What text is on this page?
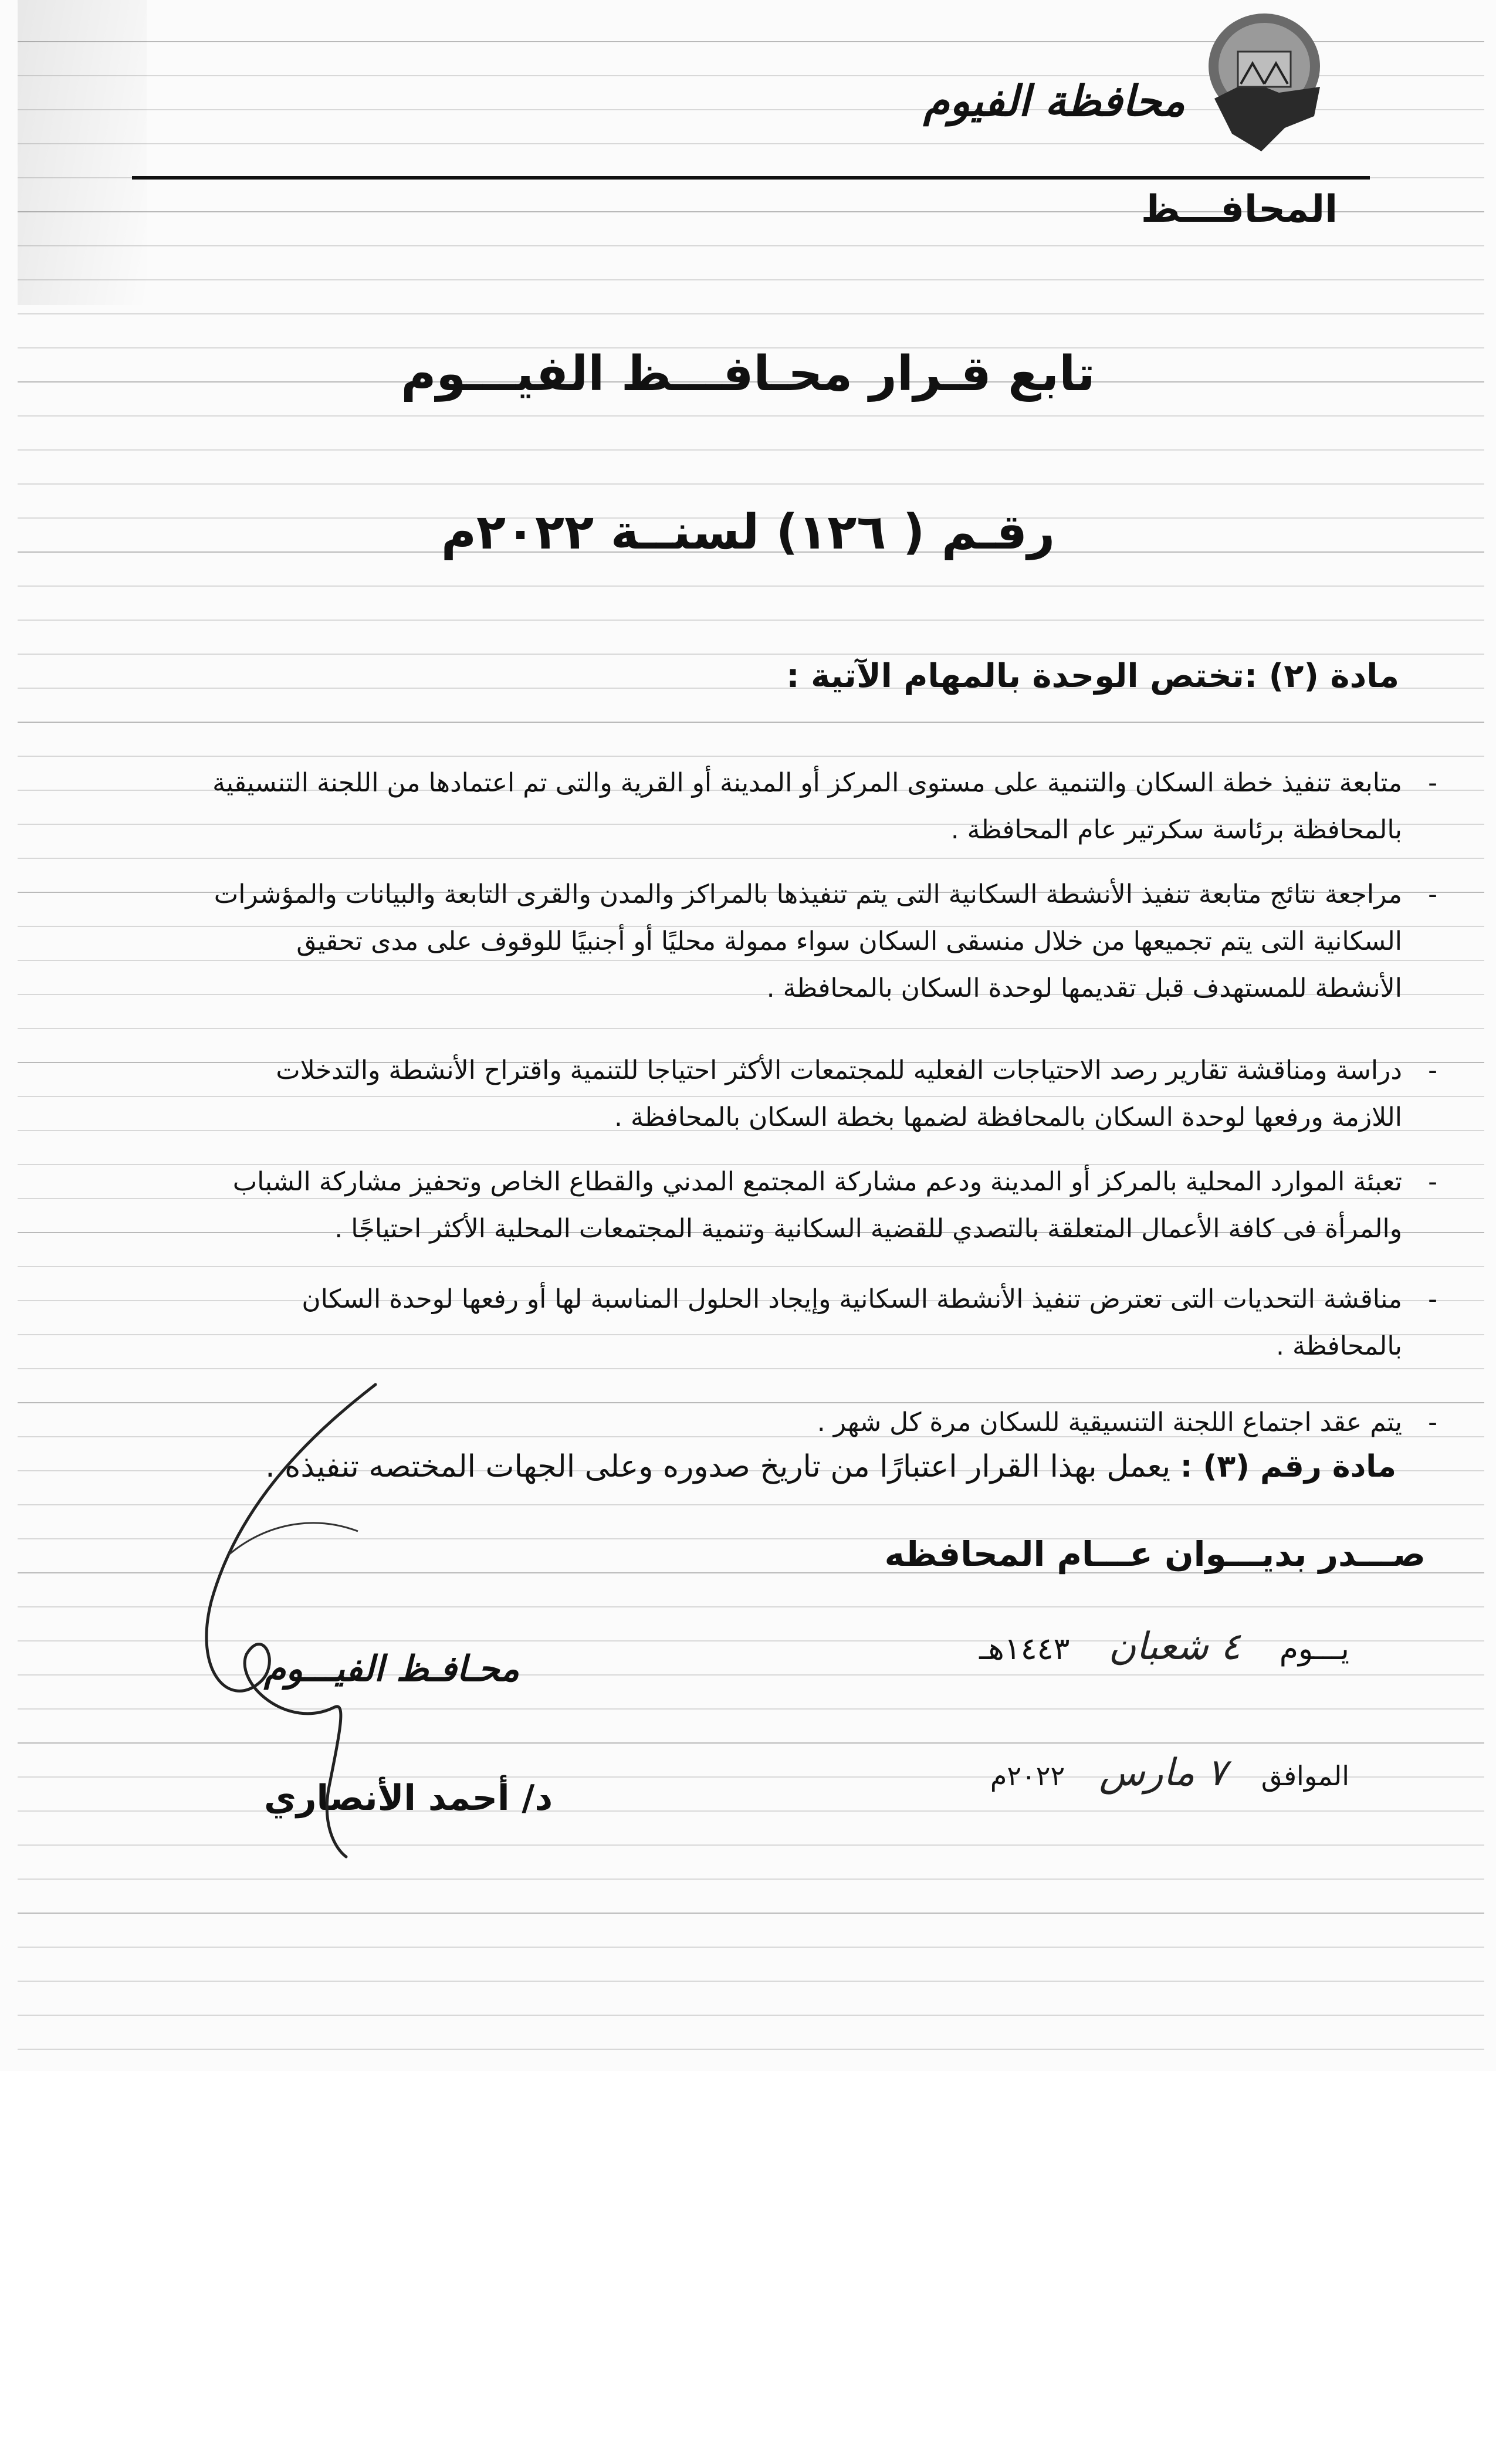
محافظة الفيوم
المحافـــظ
تابع قـرار محـافـــظ الفيـــوم
رقـم ( ١٢٦) لسنــة ٢٠٢٢م
مادة (٢) :تختص الوحدة بالمهام الآتية :
-

متابعة تنفيذ خطة السكان والتنمية على مستوى المركز أو المدينة أو القرية والتى تم اعتمادها من اللجنة التنسيقية

بالمحافظة برئاسة سكرتير عام المحافظة .

-

مراجعة نتائج متابعة تنفيذ الأنشطة السكانية التى يتم تنفيذها بالمراكز والمدن والقرى التابعة والبيانات والمؤشرات

السكانية التى يتم تجميعها من خلال منسقى السكان سواء ممولة محليًا أو أجنبيًا للوقوف على مدى تحقيق

الأنشطة للمستهدف قبل تقديمها لوحدة السكان بالمحافظة .

-

دراسة ومناقشة تقارير رصد الاحتياجات الفعليه للمجتمعات الأكثر احتياجا للتنمية واقتراح الأنشطة والتدخلات

اللازمة ورفعها لوحدة السكان بالمحافظة لضمها بخطة السكان بالمحافظة .

-

تعبئة الموارد المحلية بالمركز أو المدينة ودعم مشاركة المجتمع المدني والقطاع الخاص وتحفيز مشاركة الشباب

والمرأة فى كافة الأعمال المتعلقة بالتصدي للقضية السكانية وتنمية المجتمعات المحلية الأكثر احتياجًا .

-

مناقشة التحديات التى تعترض تنفيذ الأنشطة السكانية وإيجاد الحلول المناسبة لها أو رفعها لوحدة السكان

بالمحافظة .

-

يتم عقد اجتماع اللجنة التنسيقية للسكان مرة كل شهر .

مادة رقم (٣) : يعمل بهذا القرار اعتبارًا من تاريخ صدوره وعلى الجهات المختصه تنفيذه .
صـــدر بديـــوان عـــام المحافظه
يـــوم    ٤ شعبان    ١٤٤٣هـ
الموافق    ٧ مارس    ٢٠٢٢م
محـافـظ الفيـــوم
د/ أحمد الأنصاري
